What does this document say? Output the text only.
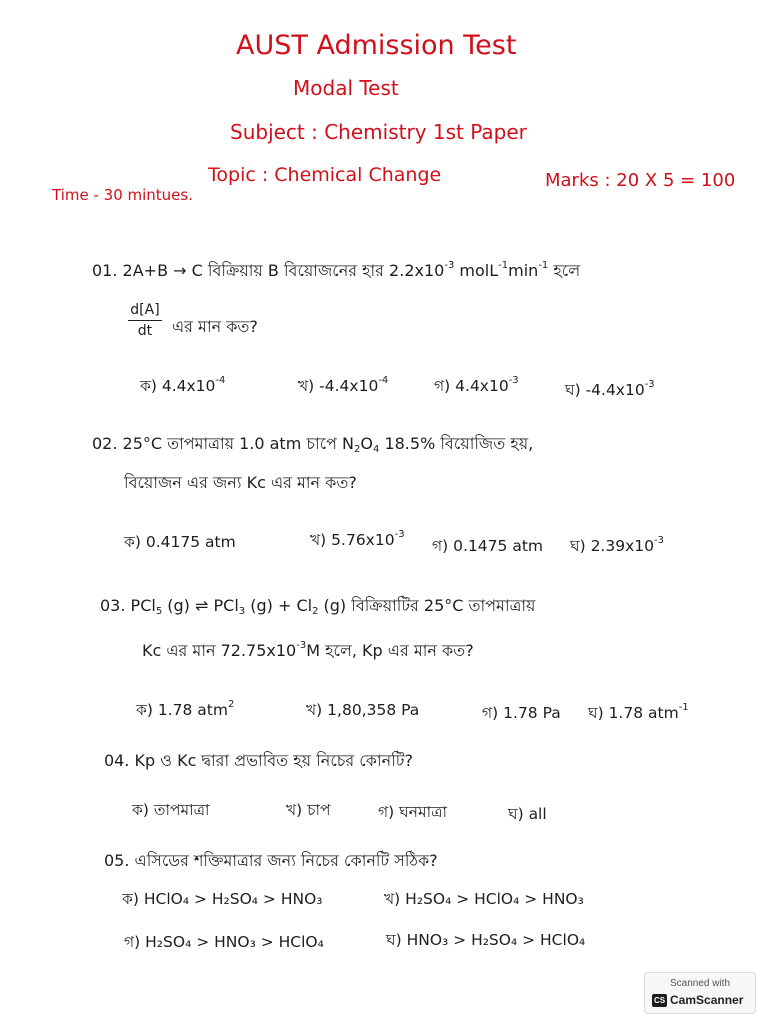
AUST Admission Test
Modal Test
Subject : Chemistry 1st Paper
Topic : Chemical Change	Marks : 20 X 5 = 100
Time - 30 mintues.
01. 2A+B → C বিক্রিয়ায় B বিয়োজনের হার $2.2x10^{-3}$ $molL^{-1}\min^{-1}$ হলে
$\frac{d[A]}{dt}$ এর মান কত?
ক) $4.4x10^{-4}$	খ) $-4.4x10^{-4}$	গ) $4.4x10^{-3}$
ঘ) $-4.4x10^{-3}$
02. 25°C তাপমাত্রায় 1.0 atm চাপে $N_2O_4$ 18.5% বিয়োজিত হয়,
বিয়োজন এর জন্য Kc এর মান কত?
ক) 0.4175 atm	খ) $5.76x10^{-3}$
গ) 0.1475 atm ঘ) $2.39x10^{-3}$
03. PCl$_5$ (g) ⇌ PCl$_3$ $(g) + Cl_2$ (g) বিক্রিয়াটির 25°C তাপমাত্রায়
Kc এর মান $72.75x10^{-3}M$ হলে, Kp এর মান কত?
ক) 1.78 atm$^2$	খ) 1,80,358 Pa	গ) 1.78 Pa ঘ) 1.78 atm$^{-1}$
04. Kp ও Kc দ্বারা প্রভাবিত হয় নিচের কোনটি?
ক) তাপমাত্রা	খ) চাপ	গ) ঘনমাত্রা	ঘ) all
05. এসিডের শক্তিমাত্রার জন্য নিচের কোনটি সঠিক?
ক) HClO₄ > H₂SO₄ > HNO₃	খ) H₂SO₄ > HClO₄ > HNO₃
গ) H₂SO₄ > HNO₃ > HClO₄	ঘ) HNO₃ > H₂SO₄ > HClO₄
Scanned with
CS CamScanner
